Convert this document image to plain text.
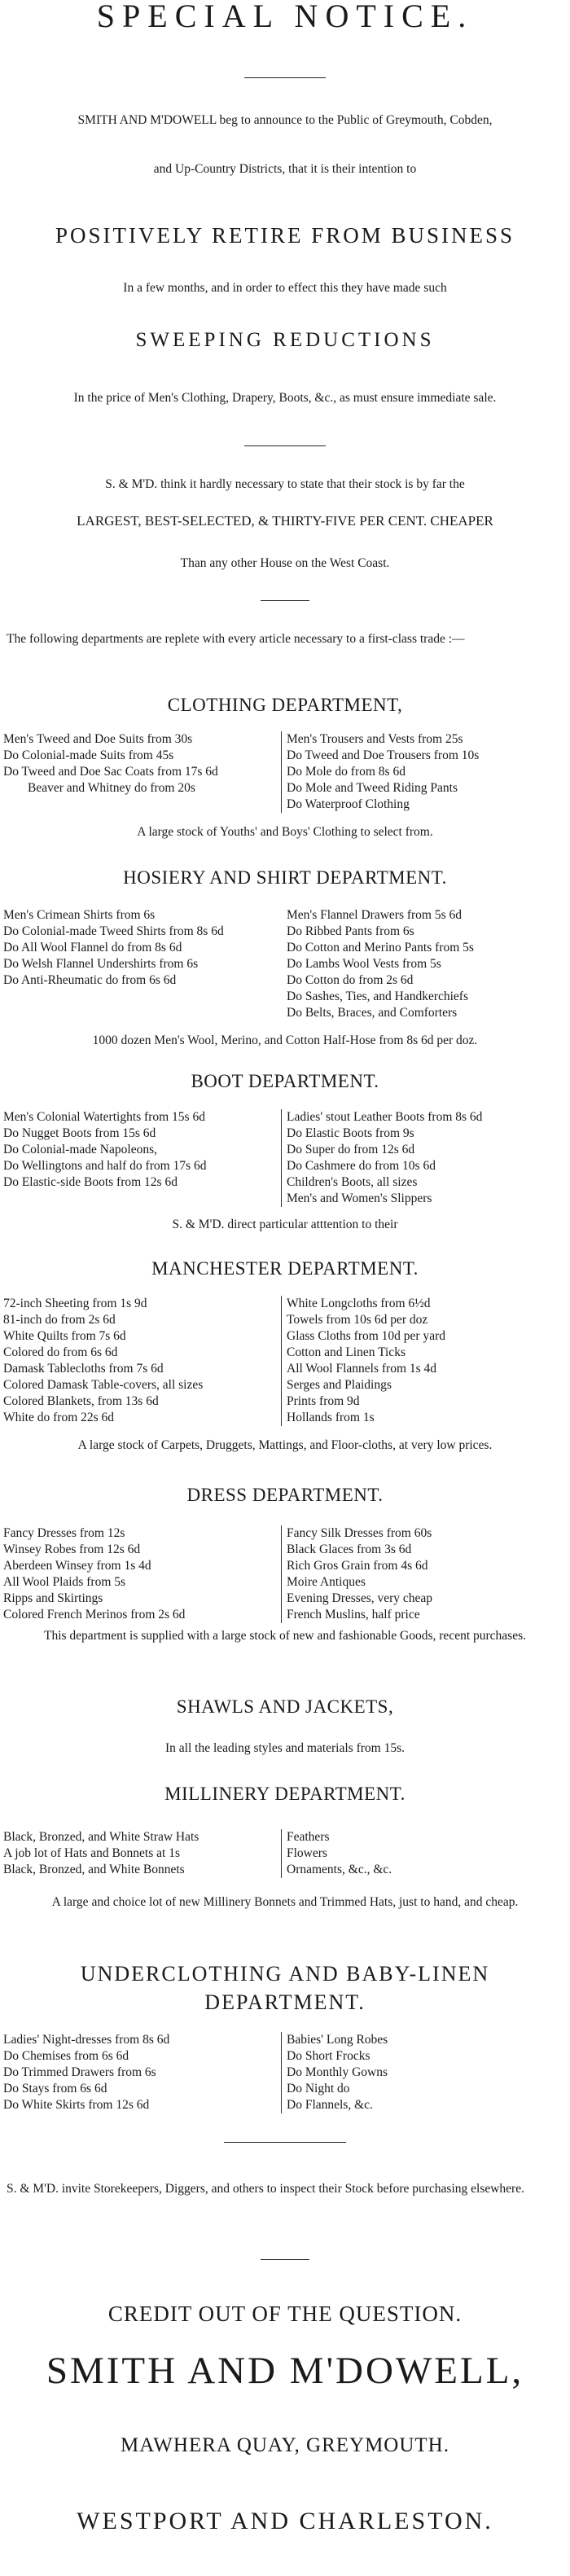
SPECIAL NOTICE.
SMITH AND M'DOWELL beg to announce to the Public of Greymouth, Cobden,
and Up-Country Districts, that it is their intention to
POSITIVELY RETIRE FROM BUSINESS
In a few months, and in order to effect this they have made such
SWEEPING REDUCTIONS
In the price of Men's Clothing, Drapery, Boots, &c., as must ensure immediate sale.
S. & M'D. think it hardly necessary to state that their stock is by far the
LARGEST, BEST-SELECTED, & THIRTY-FIVE PER CENT. CHEAPER
Than any other House on the West Coast.
The following departments are replete with every article necessary to a first-class trade :—
CLOTHING DEPARTMENT,
Men's Tweed and Doe Suits from 30s
Do Colonial-made Suits from 45s
Do Tweed and Doe Sac Coats from 17s 6d
Beaver and Whitney do from 20s
Men's Trousers and Vests from 25s
Do Tweed and Doe Trousers from 10s
Do Mole do from 8s 6d
Do Mole and Tweed Riding Pants
Do Waterproof Clothing
A large stock of Youths' and Boys' Clothing to select from.
HOSIERY AND SHIRT DEPARTMENT.
Men's Crimean Shirts from 6s
Do Colonial-made Tweed Shirts from 8s 6d
Do All Wool Flannel do from 8s 6d
Do Welsh Flannel Undershirts from 6s
Do Anti-Rheumatic do from 6s 6d
Men's Flannel Drawers from 5s 6d
Do Ribbed Pants from 6s
Do Cotton and Merino Pants from 5s
Do Lambs Wool Vests from 5s
Do Cotton do from 2s 6d
Do Sashes, Ties, and Handkerchiefs
Do Belts, Braces, and Comforters
1000 dozen Men's Wool, Merino, and Cotton Half-Hose from 8s 6d per doz.
BOOT DEPARTMENT.
Men's Colonial Watertights from 15s 6d
Do Nugget Boots from 15s 6d
Do Colonial-made Napoleons,
Do Wellingtons and half do from 17s 6d
Do Elastic-side Boots from 12s 6d
Ladies' stout Leather Boots from 8s 6d
Do Elastic Boots from 9s
Do Super do from 12s 6d
Do Cashmere do from 10s 6d
Children's Boots, all sizes
Men's and Women's Slippers
S. & M'D. direct particular atttention to their
MANCHESTER DEPARTMENT.
72-inch Sheeting from 1s 9d
81-inch do from 2s 6d
White Quilts from 7s 6d
Colored do from 6s 6d
Damask Tablecloths from 7s 6d
Colored Damask Table-covers, all sizes
Colored Blankets, from 13s 6d
White do from 22s 6d
White Longcloths from 6½d
Towels from 10s 6d per doz
Glass Cloths from 10d per yard
Cotton and Linen Ticks
All Wool Flannels from 1s 4d
Serges and Plaidings
Prints from 9d
Hollands from 1s
A large stock of Carpets, Druggets, Mattings, and Floor-cloths, at very low prices.
DRESS DEPARTMENT.
Fancy Dresses from 12s
Winsey Robes from 12s 6d
Aberdeen Winsey from 1s 4d
All Wool Plaids from 5s
Ripps and Skirtings
Colored French Merinos from 2s 6d
Fancy Silk Dresses from 60s
Black Glaces from 3s 6d
Rich Gros Grain from 4s 6d
Moire Antiques
Evening Dresses, very cheap
French Muslins, half price
This department is supplied with a large stock of new and fashionable Goods, recent purchases.
SHAWLS AND JACKETS,
In all the leading styles and materials from 15s.
MILLINERY DEPARTMENT.
Black, Bronzed, and White Straw Hats
A job lot of Hats and Bonnets at 1s
Black, Bronzed, and White Bonnets
Feathers
Flowers
Ornaments, &c., &c.
A large and choice lot of new Millinery Bonnets and Trimmed Hats, just to hand, and cheap.
UNDERCLOTHING AND BABY-LINEN
DEPARTMENT.
Ladies' Night-dresses from 8s 6d
Do Chemises from 6s 6d
Do Trimmed Drawers from 6s
Do Stays from 6s 6d
Do White Skirts from 12s 6d
Babies' Long Robes
Do Short Frocks
Do Monthly Gowns
Do Night do
Do Flannels, &c.
S. & M'D. invite Storekeepers, Diggers, and others to inspect their Stock before purchasing elsewhere.
CREDIT OUT OF THE QUESTION.
SMITH AND M'DOWELL,
MAWHERA QUAY, GREYMOUTH.
WESTPORT AND CHARLESTON.
